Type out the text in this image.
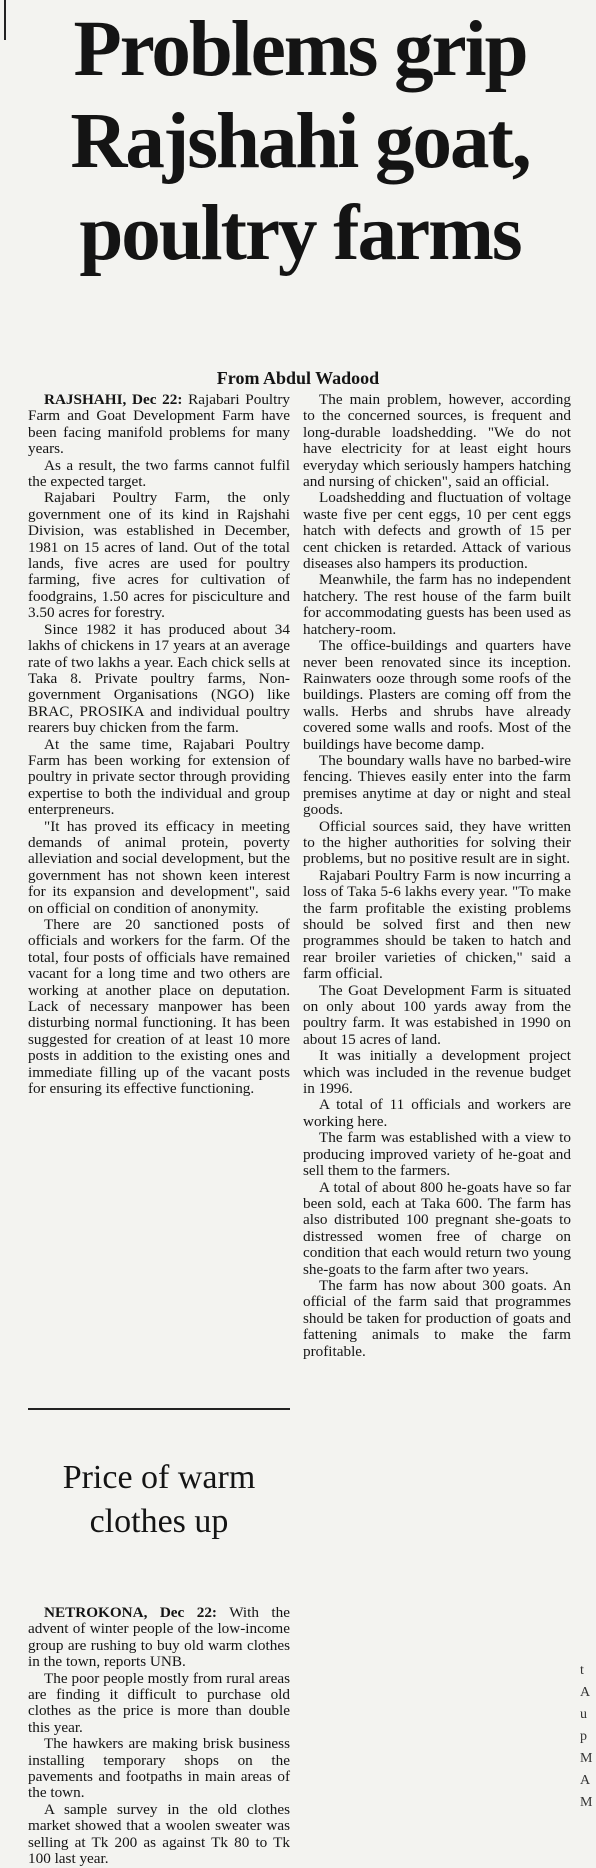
Problems grip
Rajshahi goat,
poultry farms
From Abdul Wadood

RAJSHAHI, Dec 22: Rajabari Poultry Farm and Goat Development Farm have been facing manifold problems for many years.

As a result, the two farms cannot fulfil the expected target.

Rajabari Poultry Farm, the only government one of its kind in Rajshahi Division, was established in December, 1981 on 15 acres of land. Out of the total lands, five acres are used for poultry farming, five acres for cultivation of foodgrains, 1.50 acres for pisciculture and 3.50 acres for forestry.

Since 1982 it has produced about 34 lakhs of chickens in 17 years at an average rate of two lakhs a year. Each chick sells at Taka 8. Private poultry farms, Non-government Organisations (NGO) like BRAC, PROSIKA and individual poultry rearers buy chicken from the farm.

At the same time, Rajabari Poultry Farm has been working for extension of poultry in private sector through providing expertise to both the individual and group enterpreneurs.

"It has proved its efficacy in meeting demands of animal protein, poverty alleviation and social development, but the government has not shown keen interest for its expansion and development", said on official on condition of anonymity.

There are 20 sanctioned posts of officials and workers for the farm. Of the total, four posts of officials have remained vacant for a long time and two others are working at another place on deputation. Lack of necessary manpower has been disturbing normal functioning. It has been suggested for creation of at least 10 more posts in addition to the existing ones and immediate filling up of the vacant posts for ensuring its effective functioning.

Price of warm
clothes up

NETROKONA, Dec 22: With the advent of winter people of the low-income group are rushing to buy old warm clothes in the town, reports UNB.

The poor people mostly from rural areas are finding it difficult to purchase old clothes as the price is more than double this year.

The hawkers are making brisk business installing temporary shops on the pavements and footpaths in main areas of the town.

A sample survey in the old clothes market showed that a woolen sweater was selling at Tk 200 as against Tk 80 to Tk 100 last year.

The main problem, however, according to the concerned sources, is frequent and long-durable loadshedding. "We do not have electricity for at least eight hours everyday which seriously hampers hatching and nursing of chicken", said an official.

Loadshedding and fluctuation of voltage waste five per cent eggs, 10 per cent eggs hatch with defects and growth of 15 per cent chicken is retarded. Attack of various diseases also hampers its production.

Meanwhile, the farm has no independent hatchery. The rest house of the farm built for accommodating guests has been used as hatchery-room.

The office-buildings and quarters have never been renovated since its inception. Rainwaters ooze through some roofs of the buildings. Plasters are coming off from the walls. Herbs and shrubs have already covered some walls and roofs. Most of the buildings have become damp.

The boundary walls have no barbed-wire fencing. Thieves easily enter into the farm premises anytime at day or night and steal goods.

Official sources said, they have written to the higher authorities for solving their problems, but no positive result are in sight.

Rajabari Poultry Farm is now incurring a loss of Taka 5-6 lakhs every year. "To make the farm profitable the existing problems should be solved first and then new programmes should be taken to hatch and rear broiler varieties of chicken," said a farm official.

The Goat Development Farm is situated on only about 100 yards away from the poultry farm. It was estabished in 1990 on about 15 acres of land.

It was initially a development project which was included in the revenue budget in 1996.

A total of 11 officials and workers are working here.

The farm was established with a view to producing improved variety of he-goat and sell them to the farmers.

A total of about 800 he-goats have so far been sold, each at Taka 600. The farm has also distributed 100 pregnant she-goats to distressed women free of charge on condition that each would return two young she-goats to the farm after two years.

The farm has now about 300 goats. An official of the farm said that programmes should be taken for production of goats and fattening animals to make the farm profitable.

t
A
u
p
M
A
M
